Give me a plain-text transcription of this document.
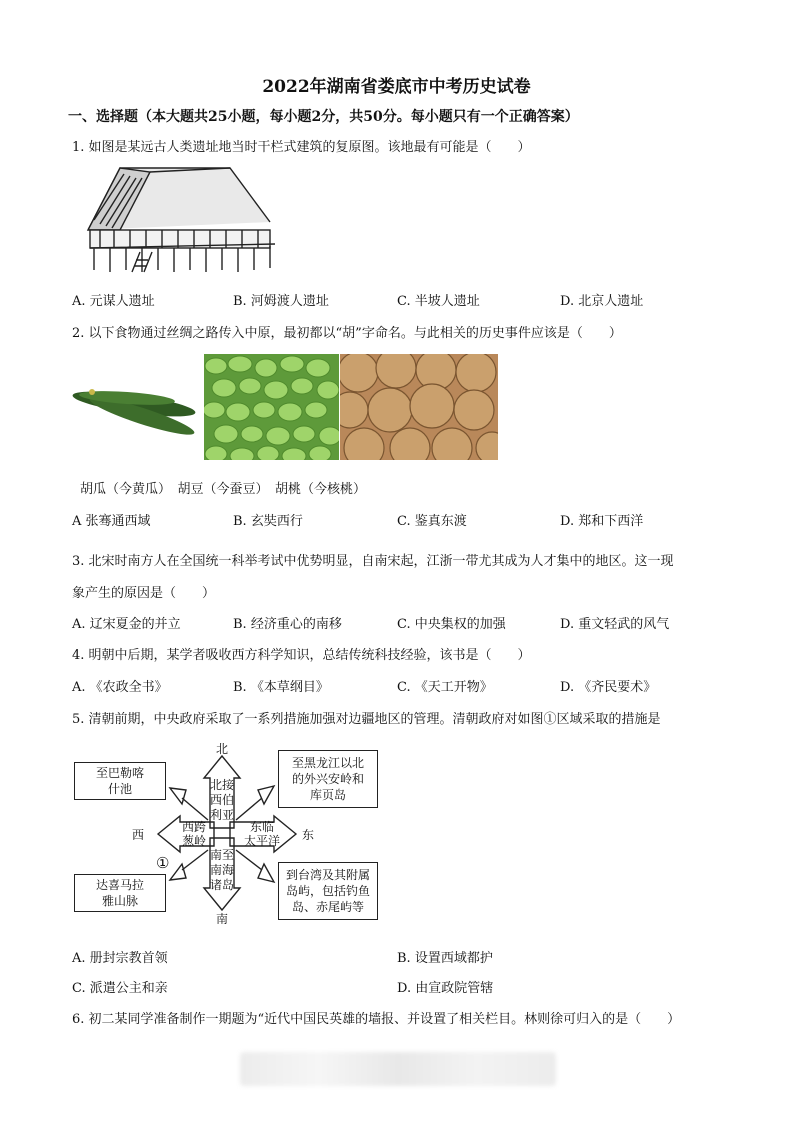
2022年湖南省娄底市中考历史试卷
一、选择题（本大题共25小题，每小题2分，共50分。每小题只有一个正确答案）
1. 如图是某远古人类遗址地当时干栏式建筑的复原图。该地最有可能是（　　）
A. 元谋人遗址	B. 河姆渡人遗址	C. 半坡人遗址	D. 北京人遗址
2. 以下食物通过丝绸之路传入中原，最初都以“胡”字命名。与此相关的历史事件应该是（　　）
胡瓜（今黄瓜）　胡豆（今蚕豆）　胡桃（今核桃）
A 张骞通西域	B. 玄奘西行	C. 鉴真东渡	D. 郑和下西洋
3. 北宋时南方人在全国统一科举考试中优势明显，自南宋起，江浙一带尤其成为人才集中的地区。这一现
象产生的原因是（　　）
A. 辽宋夏金的并立	B. 经济重心的南移	C. 中央集权的加强	D. 重文轻武的风气
4. 明朝中后期，某学者吸收西方科学知识，总结传统科技经验，该书是（　　）
A. 《农政全书》	B. 《本草纲目》	C. 《天工开物》	D. 《齐民要术》
5. 清朝前期，中央政府采取了一系列措施加强对边疆地区的管理。清朝政府对如图①区域采取的措施是
北
南
西	东
①
至巴勒喀
什池
至黑龙江以北
的外兴安岭和
库页岛
达喜马拉
雅山脉
到台湾及其附属
岛屿，包括钓鱼
岛、赤尾屿等
北接
西伯
利亚
西跨
葱岭
东临
太平洋
南至
南海
诸岛
A. 册封宗教首领	B. 设置西域都护
C. 派遣公主和亲	D. 由宣政院管辖
6. 初二某同学准备制作一期题为“近代中国民英雄的墙报、并设置了相关栏目。林则徐可归入的是（　　）
